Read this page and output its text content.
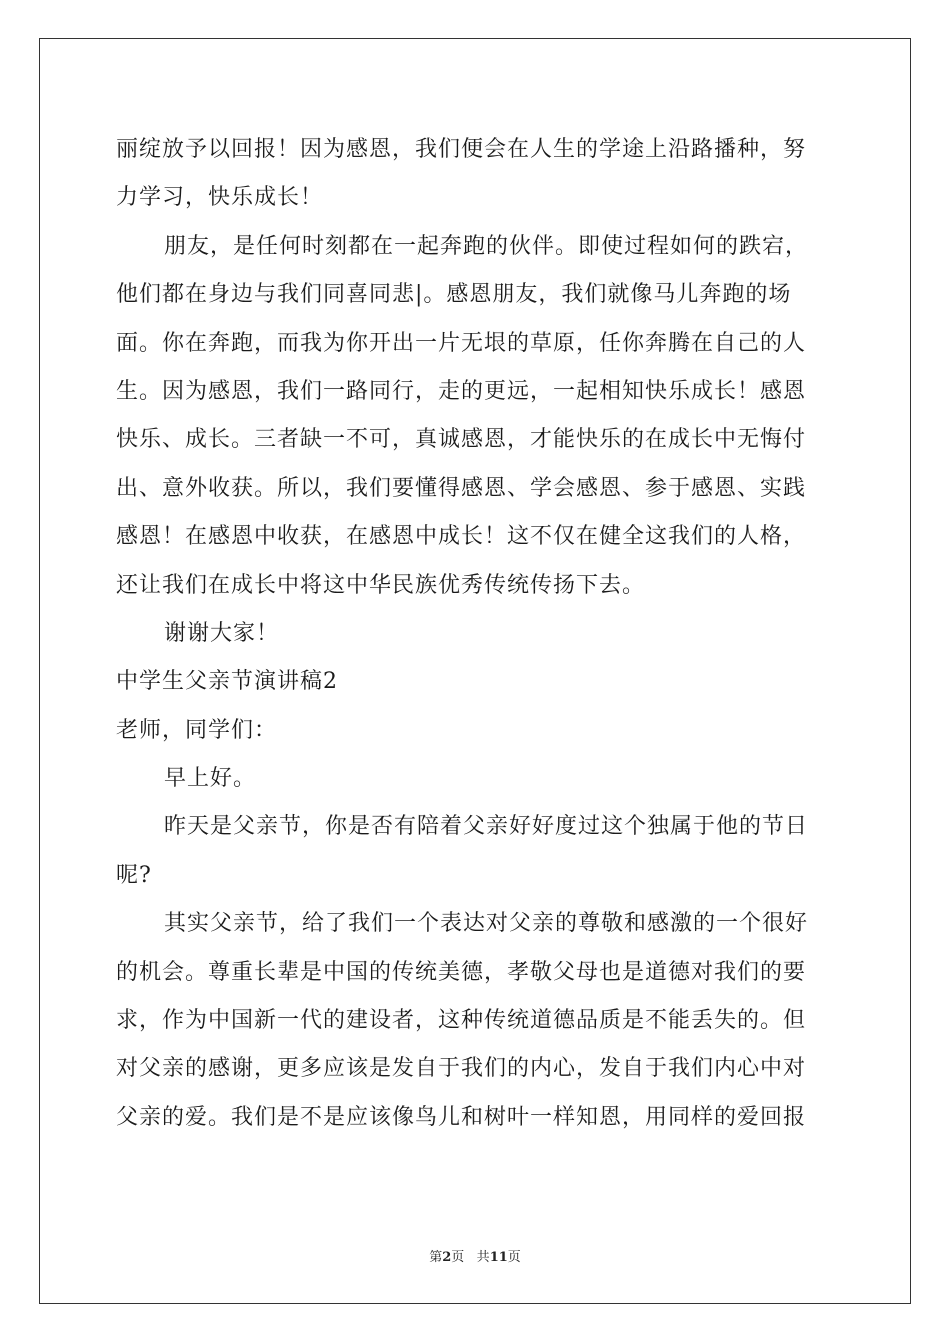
丽绽放予以回报！因为感恩，我们便会在人生的学途上沿路播种，努
力学习，快乐成长！
朋友，是任何时刻都在一起奔跑的伙伴。即使过程如何的跌宕，
他们都在身边与我们同喜同悲|。感恩朋友，我们就像马儿奔跑的场
面。你在奔跑，而我为你开出一片无垠的草原，任你奔腾在自己的人
生。因为感恩，我们一路同行，走的更远，一起相知快乐成长！感恩
快乐、成长。三者缺一不可，真诚感恩，才能快乐的在成长中无悔付
出、意外收获。所以，我们要懂得感恩、学会感恩、参于感恩、实践
感恩！在感恩中收获，在感恩中成长！这不仅在健全这我们的人格，
还让我们在成长中将这中华民族优秀传统传扬下去。
谢谢大家！
中学生父亲节演讲稿2
老师，同学们：
早上好。
昨天是父亲节，你是否有陪着父亲好好度过这个独属于他的节日
呢?
其实父亲节，给了我们一个表达对父亲的尊敬和感激的一个很好
的机会。尊重长辈是中国的传统美德，孝敬父母也是道德对我们的要
求，作为中国新一代的建设者，这种传统道德品质是不能丢失的。但
对父亲的感谢，更多应该是发自于我们的内心，发自于我们内心中对
父亲的爱。我们是不是应该像鸟儿和树叶一样知恩，用同样的爱回报
第2页 共11页
